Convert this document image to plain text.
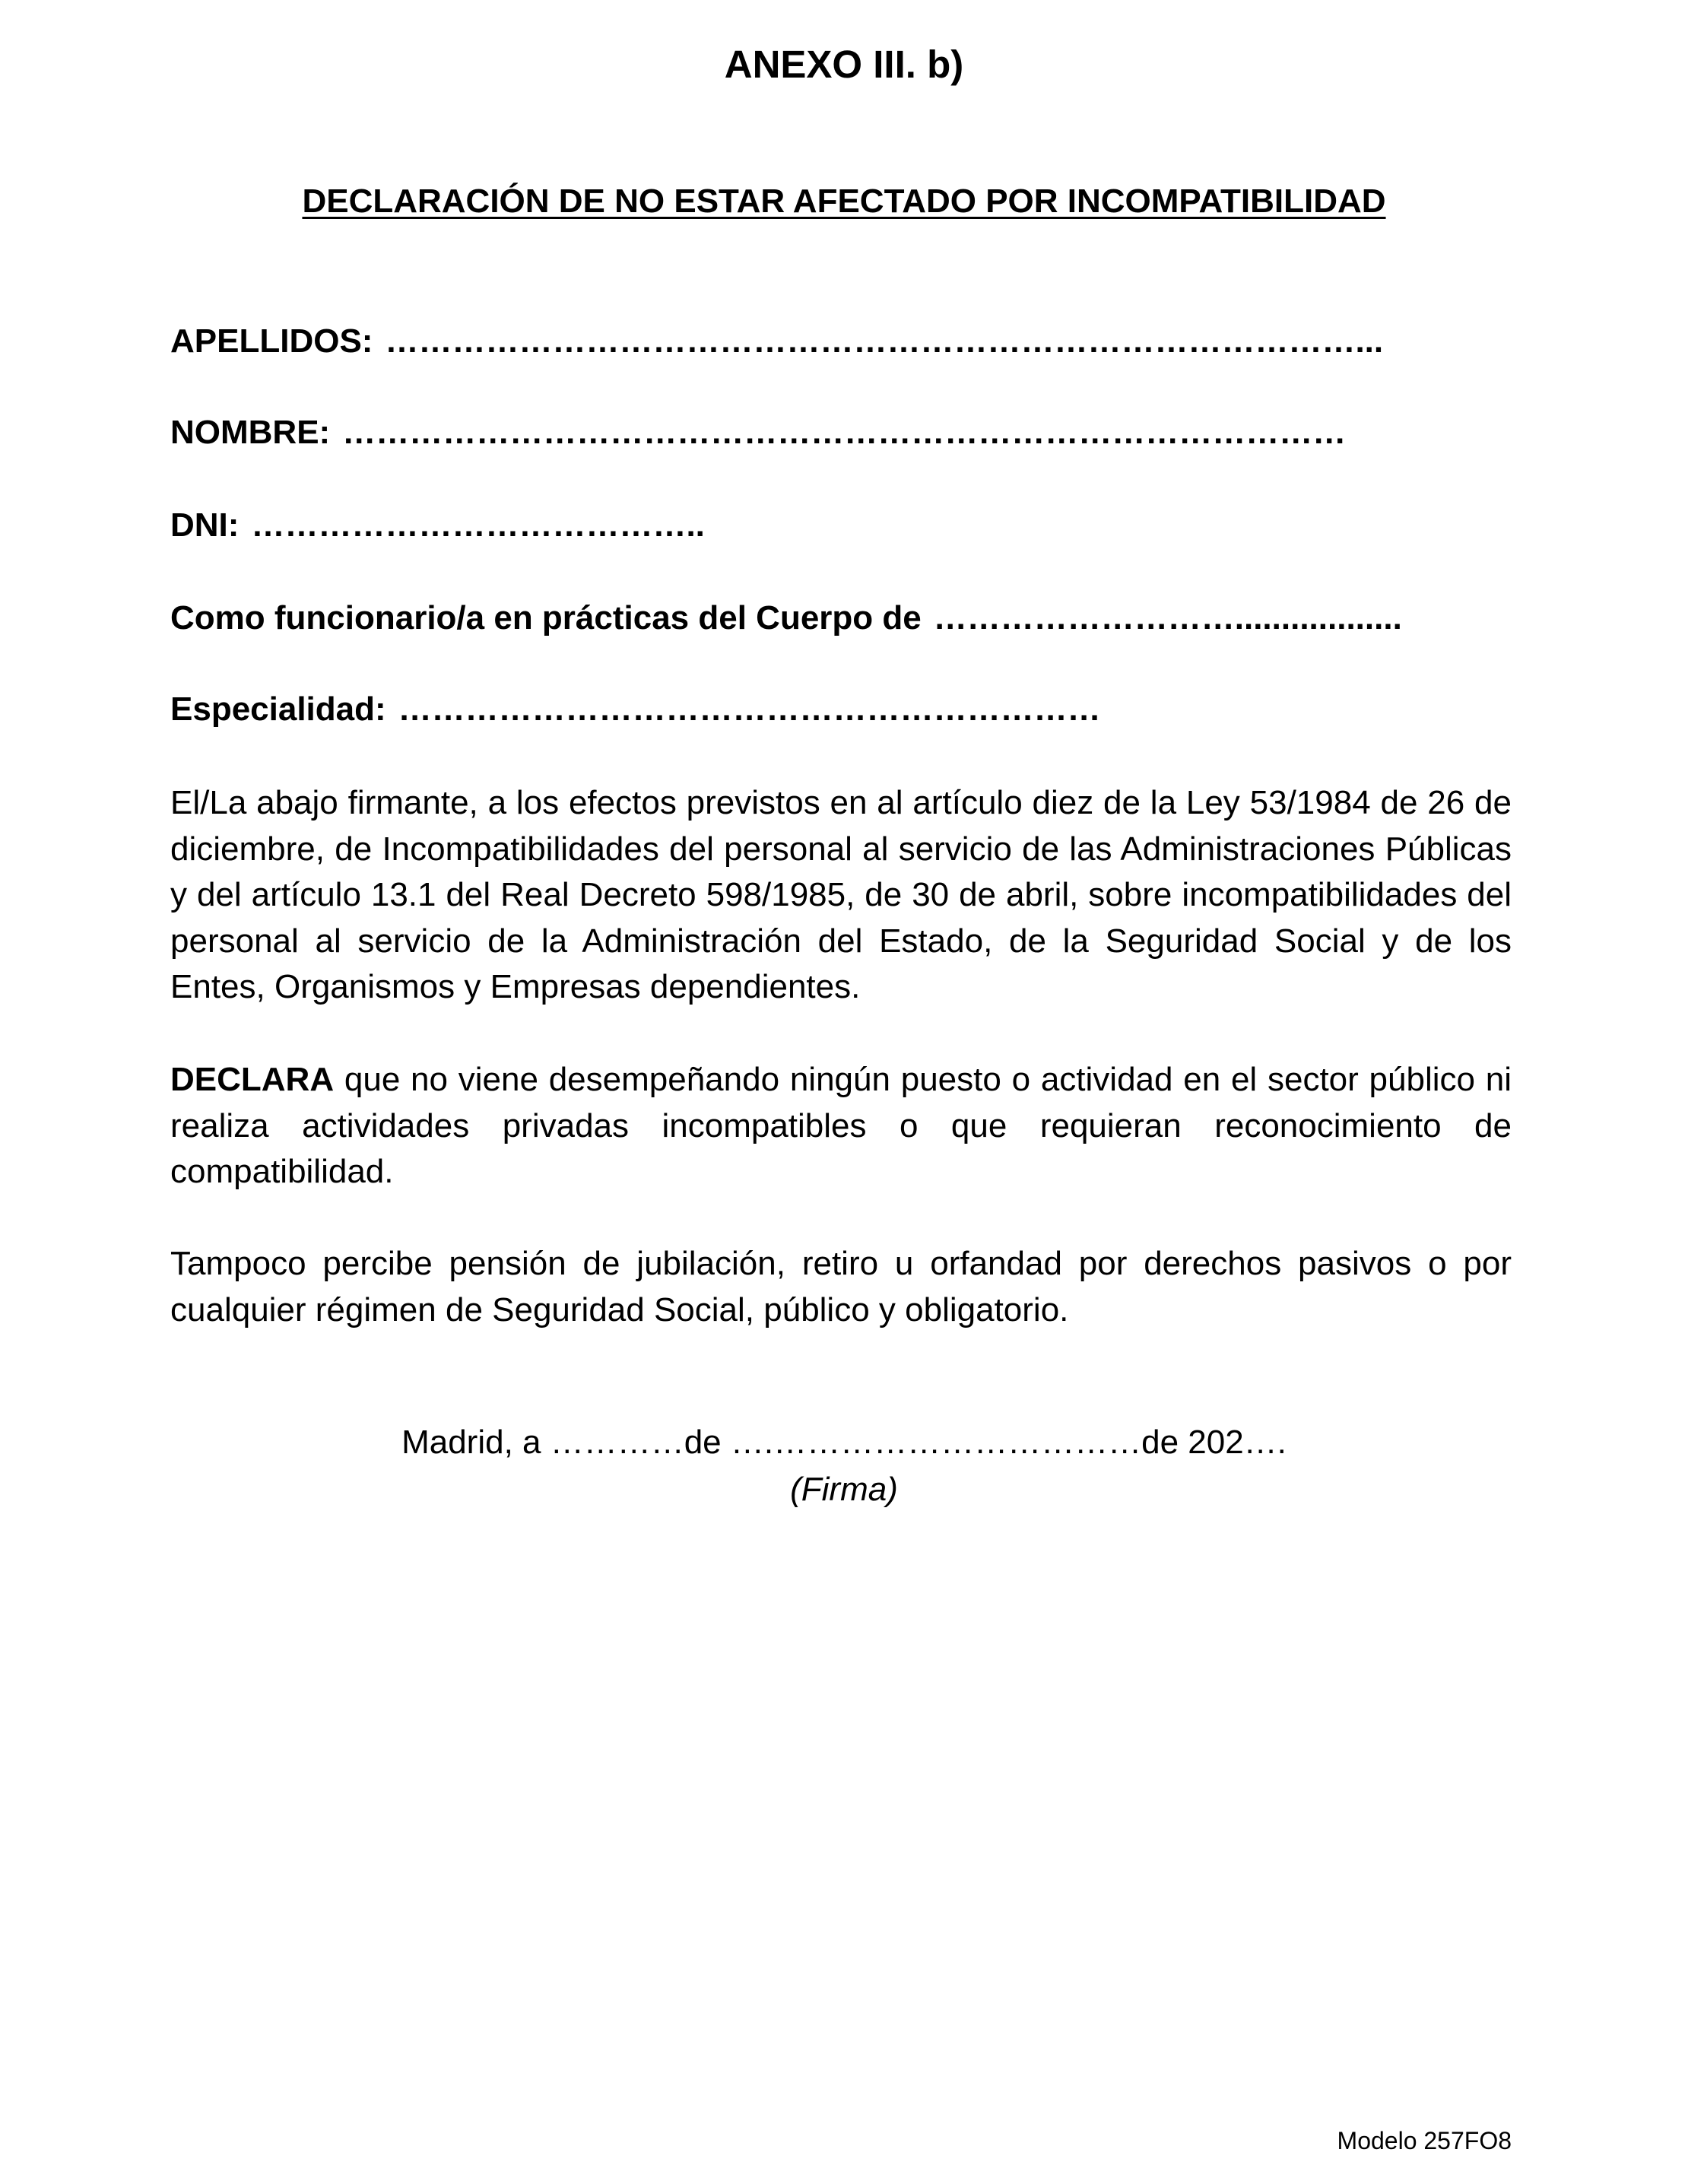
ANEXO III. b)
DECLARACIÓN DE NO ESTAR AFECTADO POR INCOMPATIBILIDAD
APELLIDOS: ……………………………………………………………………………...
NOMBRE: ………………………………………………………………………………
DNI: …………………………………..
Como funcionario/a en prácticas del Cuerpo de ………………………..................
Especialidad: ………………………………………………………

El/La abajo firmante, a los efectos previstos en al artículo diez de la Ley 53/1984 de 26 de diciembre, de Incompatibilidades del personal al servicio de las Administraciones Públicas y del artículo 13.1 del Real Decreto 598/1985, de 30 de abril, sobre incompatibilidades del personal al servicio de la Administración del Estado, de la Seguridad Social y de los Entes, Organismos y Empresas dependientes.

DECLARA que no viene desempeñando ningún puesto o actividad en el sector público ni realiza actividades privadas incompatibles o que requieran reconocimiento de compatibilidad.

Tampoco percibe pensión de jubilación, retiro u orfandad por derechos pasivos o por cualquier régimen de Seguridad Social, público y obligatorio.

Madrid, a …………de ….……………………………de 202….
(Firma)
Modelo 257FO8
